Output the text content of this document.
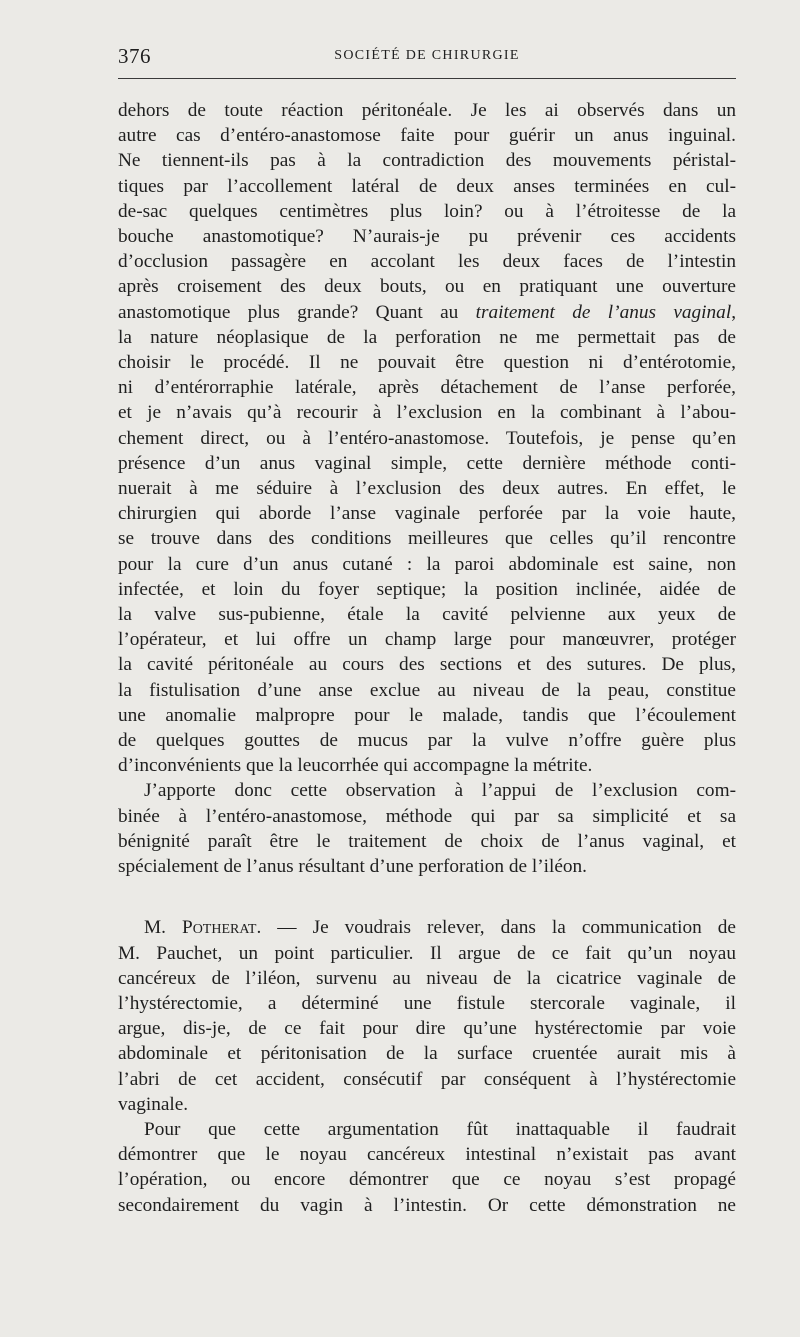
376	SOCIÉTÉ DE CHIRURGIE

dehors de toute réaction péritonéale. Je les ai observés dans un
autre cas d’entéro-anastomose faite pour guérir un anus inguinal.
Ne tiennent-ils pas à la contradiction des mouvements péristal-
tiques par l’accollement latéral de deux anses terminées en cul-
de-sac quelques centimètres plus loin? ou à l’étroitesse de la
bouche anastomotique? N’aurais-je pu prévenir ces accidents
d’occlusion passagère en accolant les deux faces de l’intestin
après croisement des deux bouts, ou en pratiquant une ouverture
anastomotique plus grande? Quant au traitement de l’anus vaginal,
la nature néoplasique de la perforation ne me permettait pas de
choisir le procédé. Il ne pouvait être question ni d’entérotomie,
ni d’entérorraphie latérale, après détachement de l’anse perforée,
et je n’avais qu’à recourir à l’exclusion en la combinant à l’abou-
chement direct, ou à l’entéro-anastomose. Toutefois, je pense qu’en
présence d’un anus vaginal simple, cette dernière méthode conti-
nuerait à me séduire à l’exclusion des deux autres. En effet, le
chirurgien qui aborde l’anse vaginale perforée par la voie haute,
se trouve dans des conditions meilleures que celles qu’il rencontre
pour la cure d’un anus cutané : la paroi abdominale est saine, non
infectée, et loin du foyer septique; la position inclinée, aidée de
la valve sus-pubienne, étale la cavité pelvienne aux yeux de
l’opérateur, et lui offre un champ large pour manœuvrer, protéger
la cavité péritonéale au cours des sections et des sutures. De plus,
la fistulisation d’une anse exclue au niveau de la peau, constitue
une anomalie malpropre pour le malade, tandis que l’écoulement
de quelques gouttes de mucus par la vulve n’offre guère plus
d’inconvénients que la leucorrhée qui accompagne la métrite.

J’apporte donc cette observation à l’appui de l’exclusion com-
binée à l’entéro-anastomose, méthode qui par sa simplicité et sa
bénignité paraît être le traitement de choix de l’anus vaginal, et
spécialement de l’anus résultant d’une perforation de l’iléon.

M. Potherat. — Je voudrais relever, dans la communication de
M. Pauchet, un point particulier. Il argue de ce fait qu’un noyau
cancéreux de l’iléon, survenu au niveau de la cicatrice vaginale de
l’hystérectomie, a déterminé une fistule stercorale vaginale, il
argue, dis-je, de ce fait pour dire qu’une hystérectomie par voie
abdominale et péritonisation de la surface cruentée aurait mis à
l’abri de cet accident, consécutif par conséquent à l’hystérectomie
vaginale.

Pour que cette argumentation fût inattaquable il faudrait
démontrer que le noyau cancéreux intestinal n’existait pas avant
l’opération, ou encore démontrer que ce noyau s’est propagé
secondairement du vagin à l’intestin. Or cette démonstration ne
